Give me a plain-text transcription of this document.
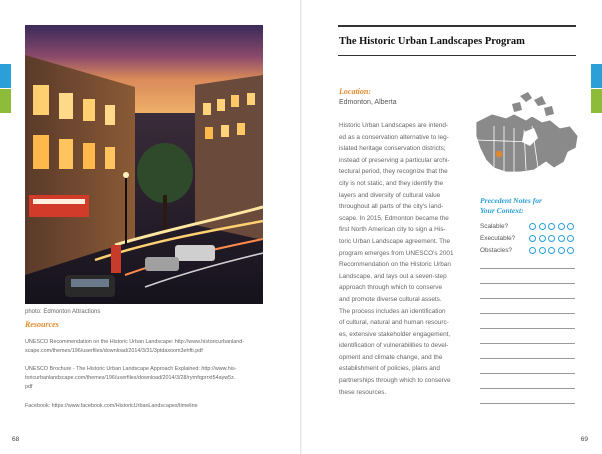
photo: Edmonton Attractions
Resources
UNESCO Recommendation on the Historic Urban Landscape: http://www.historicurbanland-
scape.com/themes/196/userfiles/download/2014/3/31/3ptdaxoom3ehfti.pdf
UNESCO Brochure - The Historic Urban Landscape Approach Explained: http://www.his-
toricurbanlandscape.com/themes/196/userfiles/download/2014/3/28/ryrnfqprrxt54ayw5z.
pdf
Facebook: https://www.facebook.com/HistoricUrbanLandscapes/timeline
68
The Historic Urban Landscapes Program
Location:
Edmonton, Alberta
Historic Urban Landscapes are intend-
ed as a conservation alternative to leg-
islated heritage conservation districts;
instead of preserving a particular archi-
tectural period, they recognize that the
city is not static, and they identify the
layers and diversity of cultural value
throughout all parts of the city's land-
scape. In 2015, Edmonton became the
first North American city to sign a His-
toric Urban Landscape agreement. The
program emerges from UNESCO's 2001
Recommendation on the Historic Urban
Landscape, and lays out a seven-step
approach through which to conserve
and promote diverse cultural assets.
The process includes an identification
of cultural, natural and human resourc-
es, extensive stakeholder engagement,
identification of vulnerabilities to devel-
opment and climate change, and the
establishment of policies, plans and
partnerships through which to conserve
these resources.
Precedent Notes for
Your Context:
Scalable?
Executable?
Obstacles?
69
